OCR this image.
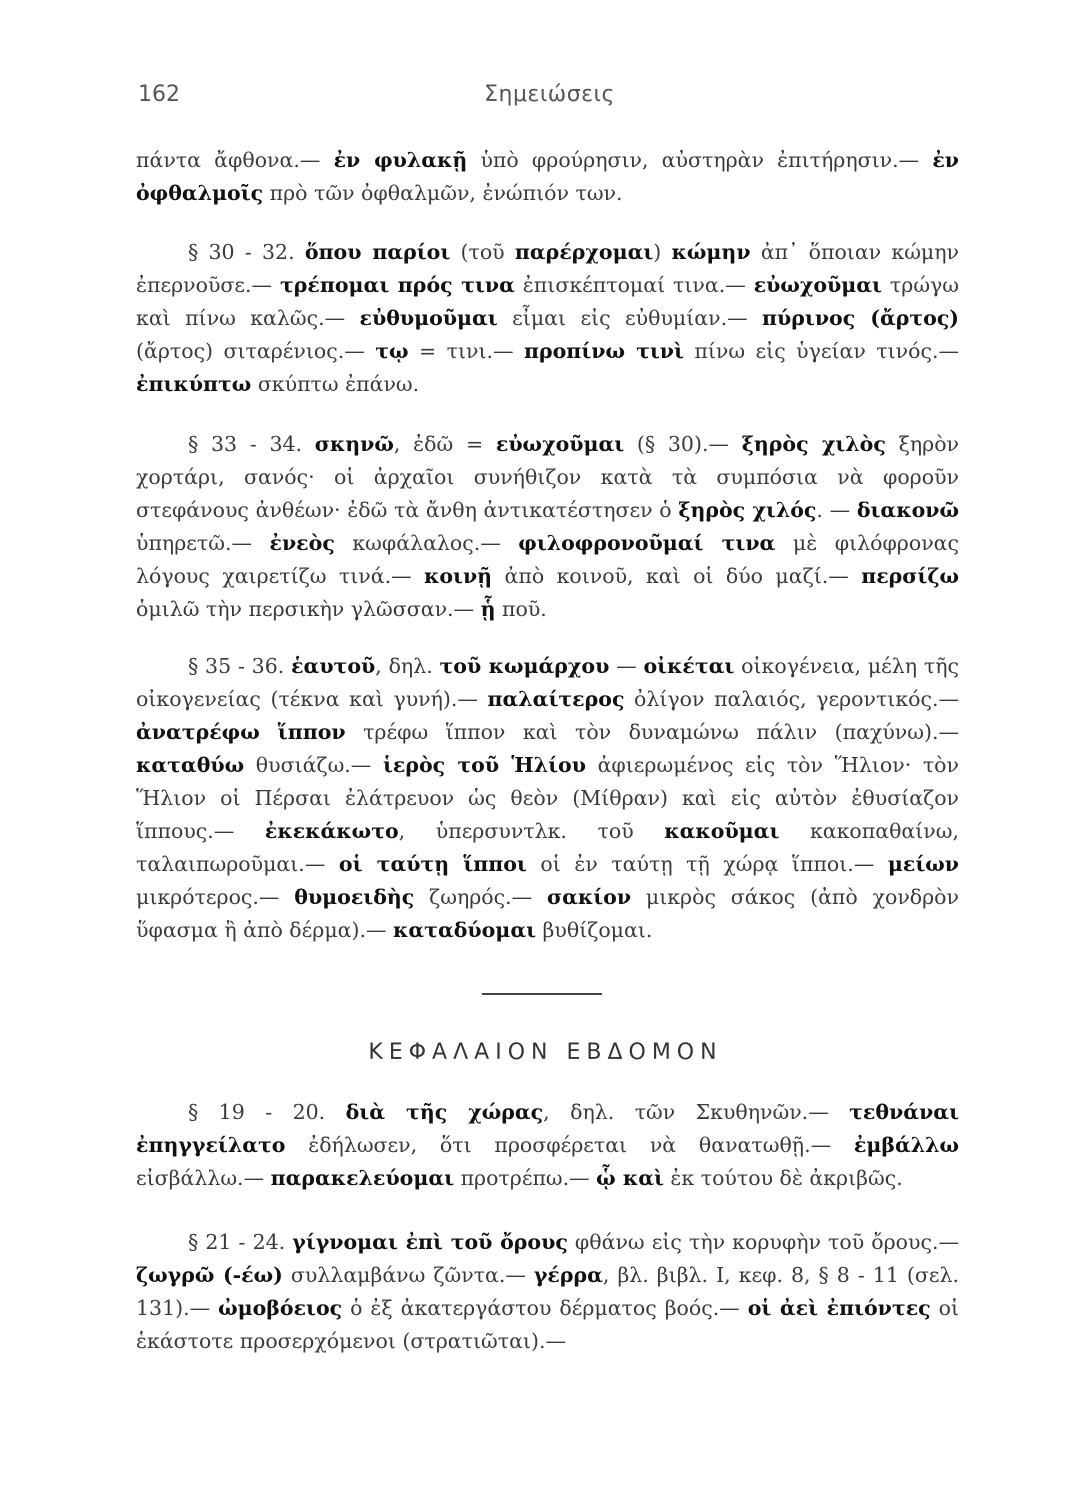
162	Σημειώσεις
πάντα ἄφθονα.— ἐν φυλακῇ ὑπὸ φρούρησιν, αὐστηρὰν ἐπιτήρησιν.— ἐν ὀφθαλμοῖς πρὸ τῶν ὀφθαλμῶν, ἐνώπιόν των.
§ 30 - 32. ὅπου παρίοι (τοῦ παρέρχομαι) κώμην ἀπ᾽ ὅποιαν κώμην ἐπερνοῦσε.— τρέπομαι πρός τινα ἐπισκέπτομαί τινα.— εὐωχοῦμαι τρώγω καὶ πίνω καλῶς.— εὐθυμοῦμαι εἶμαι εἰς εὐθυμίαν.— πύρινος (ἄρτος) (ἄρτος) σιταρένιος.— τῳ = τινι.— προπίνω τινὶ πίνω εἰς ὑγείαν τινός.— ἐπικύπτω σκύπτω ἐπάνω.
§ 33 - 34. σκηνῶ, ἐδῶ = εὐωχοῦμαι (§ 30).— ξηρὸς χιλὸς ξηρὸν χορτάρι, σανός· οἱ ἀρχαῖοι συνήθιζον κατὰ τὰ συμπόσια νὰ φοροῦν στεφάνους ἀνθέων· ἐδῶ τὰ ἄνθη ἀντικατέστησεν ὁ ξηρὸς χιλός. — διακονῶ ὑπηρετῶ.— ἐνεὸς κωφάλαλος.— φιλοφρονοῦμαί τινα μὲ φιλόφρονας λόγους χαιρετίζω τινά.— κοινῇ ἀπὸ κοινοῦ, καὶ οἱ δύο μαζί.— περσίζω ὁμιλῶ τὴν περσικὴν γλῶσσαν.— ᾗ ποῦ.
§ 35 - 36. ἑαυτοῦ, δηλ. τοῦ κωμάρχου — οἰκέται οἰκογένεια, μέλη τῆς οἰκογενείας (τέκνα καὶ γυνή).— παλαίτερος ὀλίγον παλαιός, γεροντικός.— ἀνατρέφω ἵππον τρέφω ἵππον καὶ τὸν δυναμώνω πάλιν (παχύνω).— καταθύω θυσιάζω.— ἱερὸς τοῦ Ἡλίου ἀφιερωμένος εἰς τὸν Ἥλιον· τὸν Ἥλιον οἱ Πέρσαι ἐλάτρευον ὡς θεὸν (Μίθραν) καὶ εἰς αὐτὸν ἐθυσίαζον ἵππους.— ἐκεκάκωτο, ὑπερσυντλκ. τοῦ κακοῦμαι κακοπαθαίνω, ταλαιπωροῦμαι.— οἱ ταύτῃ ἵπποι οἱ ἐν ταύτῃ τῇ χώρᾳ ἵπποι.— μείων μικρότερος.— θυμοειδὴς ζωηρός.— σακίον μικρὸς σάκος (ἀπὸ χονδρὸν ὕφασμα ἢ ἀπὸ δέρμα).— καταδύομαι βυθίζομαι.
ΚΕΦΑΛΑΙΟΝ ΕΒΔΟΜΟΝ
§ 19 - 20. διὰ τῆς χώρας, δηλ. τῶν Σκυθηνῶν.— τεθνάναι ἐπηγγείλατο ἐδήλωσεν, ὅτι προσφέρεται νὰ θανατωθῇ.— ἐμβάλλω εἰσβάλλω.— παρακελεύομαι προτρέπω.— ᾧ καὶ ἐκ τούτου δὲ ἀκριβῶς.
§ 21 - 24. γίγνομαι ἐπὶ τοῦ ὄρους φθάνω εἰς τὴν κορυφὴν τοῦ ὄρους.— ζωγρῶ (-έω) συλλαμβάνω ζῶντα.— γέρρα, βλ. βιβλ. I, κεφ. 8, § 8 - 11 (σελ. 131).— ὠμοβόειος ὁ ἐξ ἀκατεργάστου δέρματος βοός.— οἱ ἀεὶ ἐπιόντες οἱ ἑκάστοτε προσερχόμενοι (στρατιῶται).—
